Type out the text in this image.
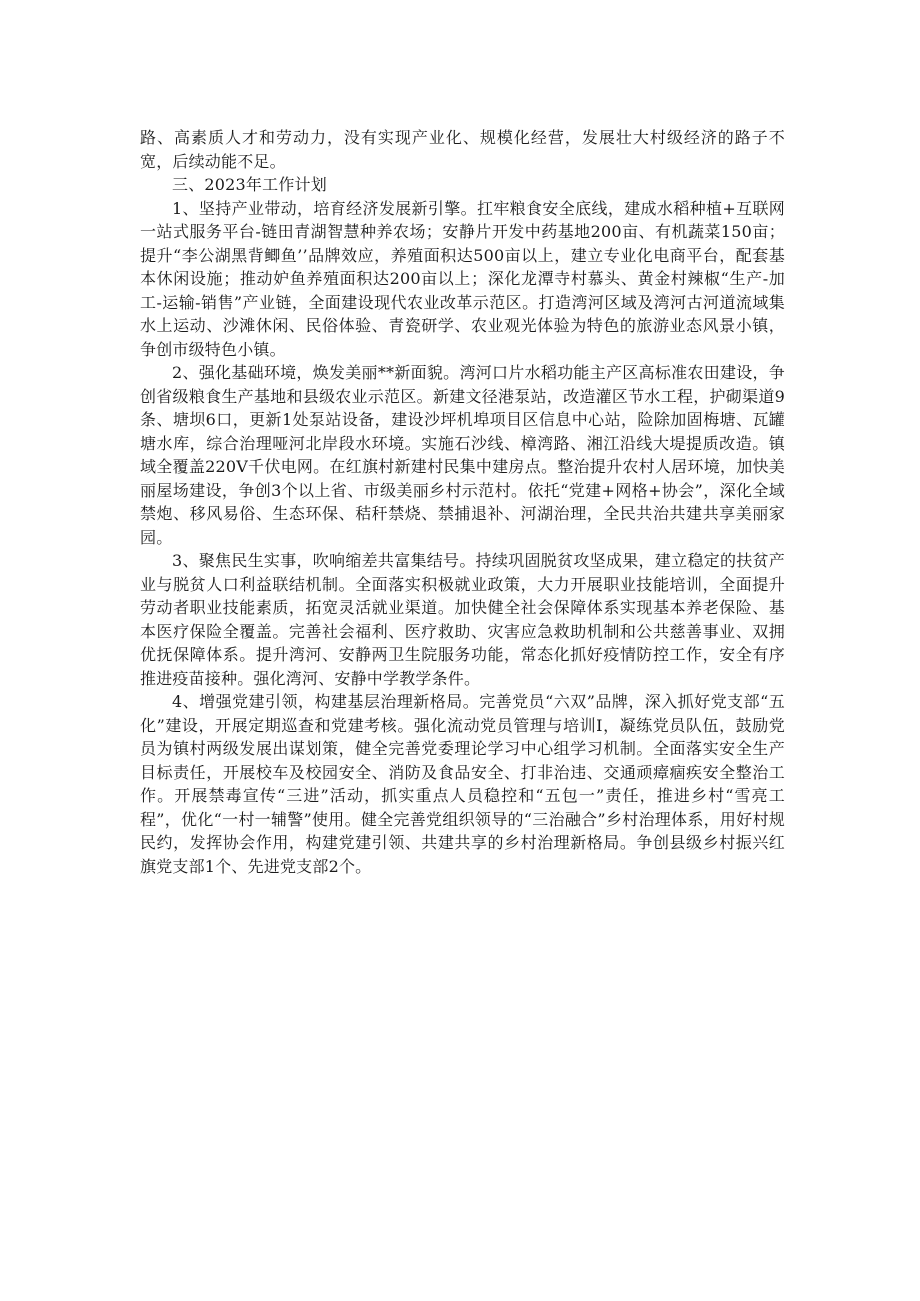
路、高素质人才和劳动力，没有实现产业化、规模化经营，发展壮大村级经济的路子不宽，后续动能不足。

三、2023年工作计划

1、坚持产业带动，培育经济发展新引擎。扛牢粮食安全底线，建成水稻种植+互联网一站式服务平台-链田青湖智慧种养农场；安静片开发中药基地200亩、有机蔬菜150亩；提升“李公湖黑背鲫鱼’’品牌效应，养殖面积达500亩以上，建立专业化电商平台，配套基本休闲设施；推动妒鱼养殖面积达200亩以上；深化龙潭寺村慕头、黄金村辣椒“生产-加工-运输-销售”产业链，全面建设现代农业改革示范区。打造湾河区域及湾河古河道流域集水上运动、沙滩休闲、民俗体验、青瓷研学、农业观光体验为特色的旅游业态风景小镇，争创市级特色小镇。

2、强化基础环境，焕发美丽**新面貌。湾河口片水稻功能主产区高标准农田建设，争创省级粮食生产基地和县级农业示范区。新建文径港泵站，改造灌区节水工程，护砌渠道9条、塘坝6口，更新1处泵站设备，建设沙坪机埠项目区信息中心站，险除加固梅塘、瓦罐塘水库，综合治理哑河北岸段水环境。实施石沙线、樟湾路、湘江沿线大堤提质改造。镇域全覆盖220V千伏电网。在红旗村新建村民集中建房点。整治提升农村人居环境，加快美丽屋场建设，争创3个以上省、市级美丽乡村示范村。依托“党建+网格+协会”，深化全域禁炮、移风易俗、生态环保、秸秆禁烧、禁捕退补、河湖治理，全民共治共建共享美丽家园。

3、聚焦民生实事，吹响缩差共富集结号。持续巩固脱贫攻坚成果，建立稳定的扶贫产业与脱贫人口利益联结机制。全面落实积极就业政策，大力开展职业技能培训，全面提升劳动者职业技能素质，拓宽灵活就业渠道。加快健全社会保障体系实现基本养老保险、基本医疗保险全覆盖。完善社会福利、医疗救助、灾害应急救助机制和公共慈善事业、双拥优抚保障体系。提升湾河、安静两卫生院服务功能，常态化抓好疫情防控工作，安全有序推进疫苗接种。强化湾河、安静中学教学条件。

4、增强党建引领，构建基层治理新格局。完善党员“六双”品牌，深入抓好党支部“五化”建设，开展定期巡查和党建考核。强化流动党员管理与培训I，凝练党员队伍，鼓励党员为镇村两级发展出谋划策，健全完善党委理论学习中心组学习机制。全面落实安全生产目标责任，开展校车及校园安全、消防及食品安全、打非治违、交通顽瘴痼疾安全整治工作。开展禁毒宣传“三进”活动，抓实重点人员稳控和“五包一”责任，推进乡村“雪亮工程”，优化“一村一辅警”使用。健全完善党组织领导的“三治融合”乡村治理体系，用好村规民约，发挥协会作用，构建党建引领、共建共享的乡村治理新格局。争创县级乡村振兴红旗党支部1个、先进党支部2个。
